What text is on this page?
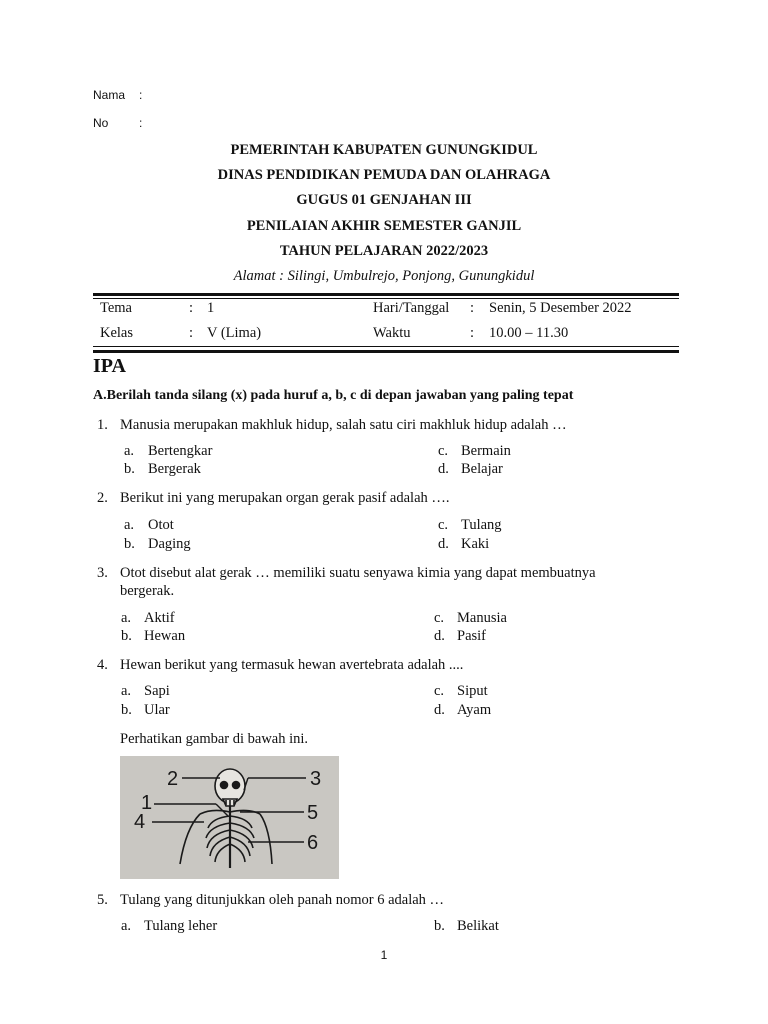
Nama :
No	:
PEMERINTAH KABUPATEN GUNUNGKIDUL
DINAS PENDIDIKAN PEMUDA DAN OLAHRAGA
GUGUS 01 GENJAHAN III
PENILAIAN AKHIR SEMESTER GANJIL
TAHUN PELAJARAN 2022/2023
Alamat : Silingi, Umbulrejo, Ponjong, Gunungkidul
Tema	: 1	Hari/Tanggal : Senin, 5 Desember 2022
Kelas	: V (Lima)	Waktu	: 10.00 – 11.30
IPA
A.Berilah tanda silang (x) pada huruf a, b, c di depan jawaban yang paling tepat
1. Manusia merupakan makhluk hidup, salah satu ciri makhluk hidup adalah …
a. Bertengkar
b. Bergerak
c. Bermain
d. Belajar
2. Berikut ini yang merupakan organ gerak pasif adalah ….
a. Otot
b. Daging
c. Tulang
d. Kaki
3. Otot disebut alat gerak … memiliki suatu senyawa kimia yang dapat membuatnya
bergerak.
a. Aktif
b. Hewan
c. Manusia
d. Pasif
4. Hewan berikut yang termasuk hewan avertebrata adalah ....
a. Sapi
b. Ular
c. Siput
d. Ayam
Perhatikan gambar di bawah ini.
1
2	3
4	5
6
5. Tulang yang ditunjukkan oleh panah nomor 6 adalah …
a. Tulang leher	b. Belikat
1
